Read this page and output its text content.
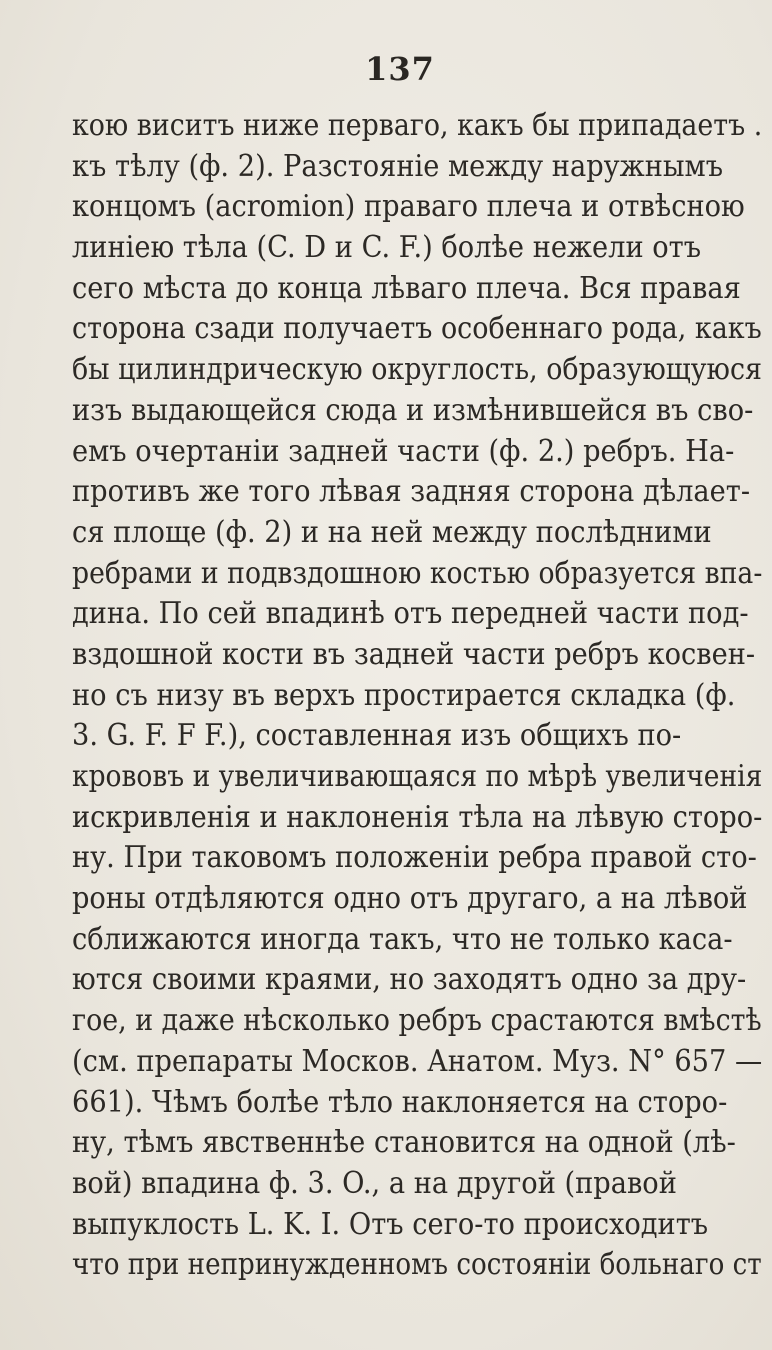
137
кою виситъ ниже перваго, какъ бы припадаетъ .
къ тѣлу (ф. 2). Разстояніе между наружнымъ
концомъ (acromion) праваго плеча и отвѣсною
линіею тѣла (C. D и C. F.) болѣе нежели отъ
сего мѣста до конца лѣваго плеча. Вся правая
сторона сзади получаетъ особеннаго рода, какъ
бы цилиндрическую округлость, образующуюся
изъ выдающейся сюда и измѣнившейся въ сво-
емъ очертаніи задней части (ф. 2.) ребръ. На-
противъ же того лѣвая задняя сторона дѣлает-
ся площе (ф. 2) и на ней между послѣдними
ребрами и подвздошною костью образуется впа-
дина. По сей впадинѣ отъ передней части под-
вздошной кости въ задней части ребръ косвен-
но съ низу въ верхъ простирается складка (ф.
3. G. F. F F.), составленная изъ общихъ по-
крововъ и увеличивающаяся по мѣрѣ увеличенія
искривленія и наклоненія тѣла на лѣвую сторо-
ну. При таковомъ положеніи ребра правой сто-
роны отдѣляются одно отъ другаго, а на лѣвой
сближаются иногда такъ, что не только каса-
ются своими краями, но заходятъ одно за дру-
гое, и даже нѣсколько ребръ срастаются вмѣстѣ
(см. препараты Москов. Анатом. Муз. N° 657 —
661). Чѣмъ болѣе тѣло наклоняется на сторо-
ну, тѣмъ явственнѣе становится на одной (лѣ-
вой) впадина ф. 3. O., а на другой (правой
выпуклость L. K. I. Отъ сего-то происходитъ
что при непринужденномъ состояніи больнаго ст
